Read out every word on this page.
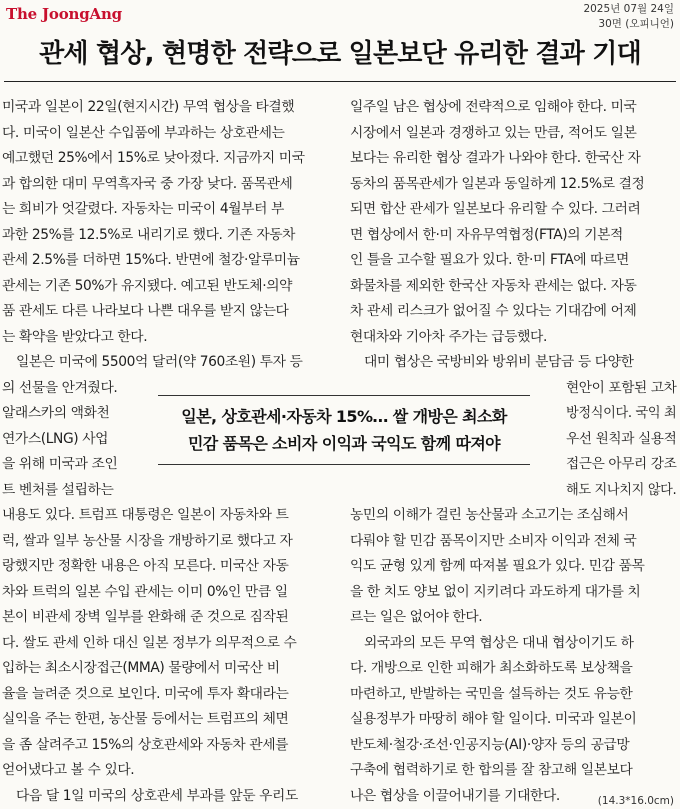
The JoongAng	2025년 07월 24일
30면 (오피니언)
관세 협상, 현명한 전략으로 일본보단 유리한 결과 기대
미국과 일본이 22일(현지시간) 무역 협상을 타결했
다. 미국이 일본산 수입품에 부과하는 상호관세는
예고했던 25%에서 15%로 낮아졌다. 지금까지 미국
과 합의한 대미 무역흑자국 중 가장 낮다. 품목관세
는 희비가 엇갈렸다. 자동차는 미국이 4월부터 부
과한 25%를 12.5%로 내리기로 했다. 기존 자동차
관세 2.5%를 더하면 15%다. 반면에 철강·알루미늄
관세는 기존 50%가 유지됐다. 예고된 반도체·의약
품 관세도 다른 나라보다 나쁜 대우를 받지 않는다
는 확약을 받았다고 한다.
일본은 미국에 5500억 달러(약 760조원) 투자 등
의 선물을 안겨줬다.
알래스카의 액화천
연가스(LNG) 사업
을 위해 미국과 조인
트 벤처를 설립하는
내용도 있다. 트럼프 대통령은 일본이 자동차와 트
럭, 쌀과 일부 농산물 시장을 개방하기로 했다고 자
랑했지만 정확한 내용은 아직 모른다. 미국산 자동
차와 트럭의 일본 수입 관세는 이미 0%인 만큼 일
본이 비관세 장벽 일부를 완화해 준 것으로 짐작된
다. 쌀도 관세 인하 대신 일본 정부가 의무적으로 수
입하는 최소시장접근(MMA) 물량에서 미국산 비
율을 늘려준 것으로 보인다. 미국에 투자 확대라는
실익을 주는 한편, 농산물 등에서는 트럼프의 체면
을 좀 살려주고 15%의 상호관세와 자동차 관세를
얻어냈다고 볼 수 있다.
다음 달 1일 미국의 상호관세 부과를 앞둔 우리도
일주일 남은 협상에 전략적으로 임해야 한다. 미국
시장에서 일본과 경쟁하고 있는 만큼, 적어도 일본
보다는 유리한 협상 결과가 나와야 한다. 한국산 자
동차의 품목관세가 일본과 동일하게 12.5%로 결정
되면 합산 관세가 일본보다 유리할 수 있다. 그러려
면 협상에서 한·미 자유무역협정(FTA)의 기본적
인 틀을 고수할 필요가 있다. 한·미 FTA에 따르면
화물차를 제외한 한국산 자동차 관세는 없다. 자동
차 관세 리스크가 없어질 수 있다는 기대감에 어제
현대차와 기아차 주가는 급등했다.
대미 협상은 국방비와 방위비 분담금 등 다양한
현안이 포함된 고차
방정식이다. 국익 최
우선 원칙과 실용적
접근은 아무리 강조
해도 지나치지 않다.
농민의 이해가 걸린 농산물과 소고기는 조심해서
다뤄야 할 민감 품목이지만 소비자 이익과 전체 국
익도 균형 있게 함께 따져볼 필요가 있다. 민감 품목
을 한 치도 양보 없이 지키려다 과도하게 대가를 치
르는 일은 없어야 한다.
외국과의 모든 무역 협상은 대내 협상이기도 하
다. 개방으로 인한 피해가 최소화하도록 보상책을
마련하고, 반발하는 국민을 설득하는 것도 유능한
실용정부가 마땅히 해야 할 일이다. 미국과 일본이
반도체·철강·조선·인공지능(AI)·양자 등의 공급망
구축에 협력하기로 한 합의를 잘 참고해 일본보다
나은 협상을 이끌어내기를 기대한다.
일본, 상호관세·자동차 15%… 쌀 개방은 최소화
민감 품목은 소비자 이익과 국익도 함께 따져야
(14.3*16.0cm)
